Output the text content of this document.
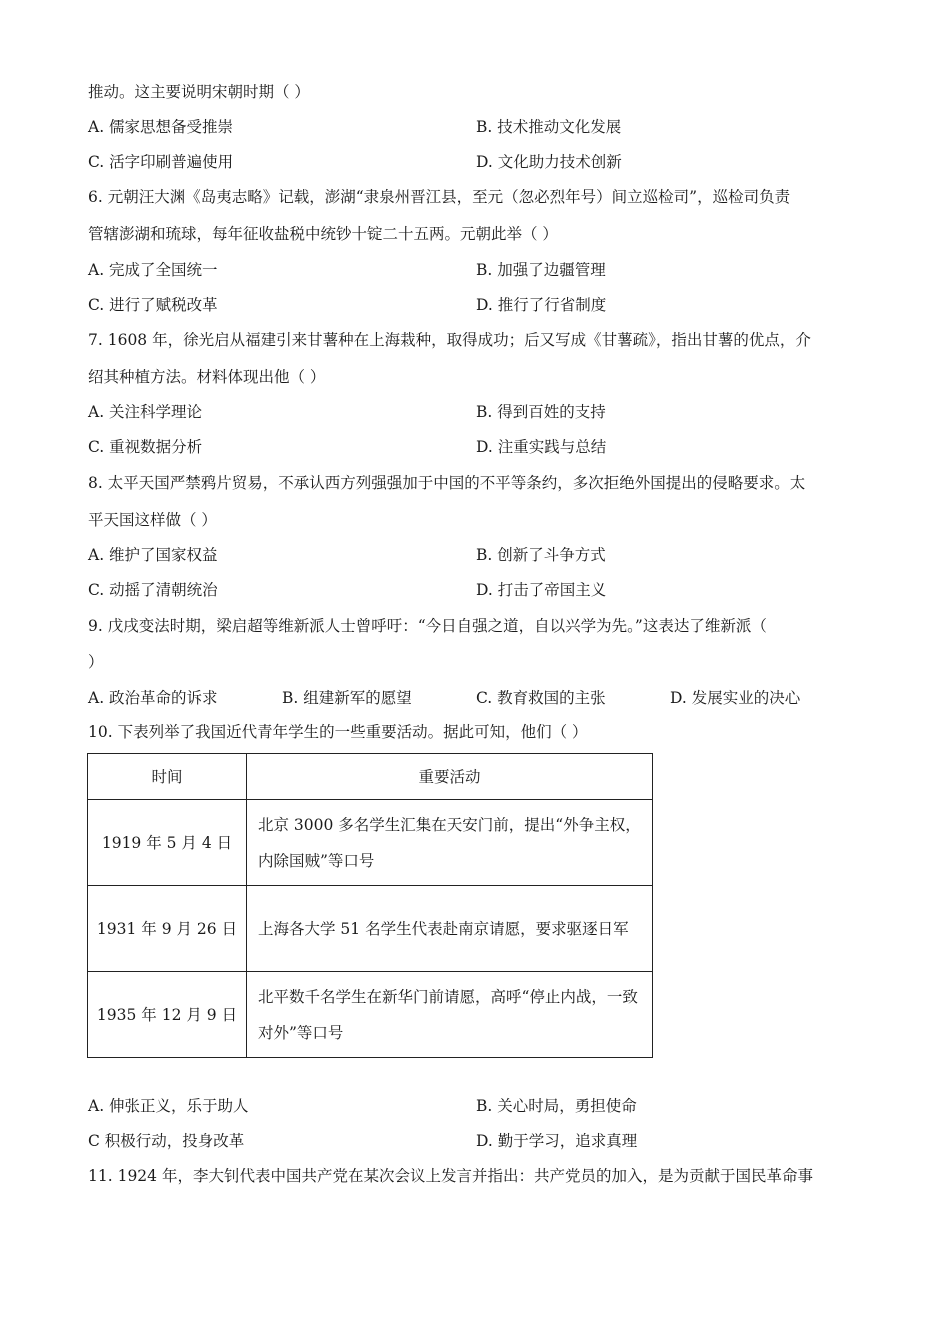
推动。这主要说明宋朝时期（ ）
A. 儒家思想备受推崇	B. 技术推动文化发展
C. 活字印刷普遍使用	D. 文化助力技术创新
6. 元朝汪大渊《岛夷志略》记载，澎湖“隶泉州晋江县，至元（忽必烈年号）间立巡检司”，巡检司负责
管辖澎湖和琉球，每年征收盐税中统钞十锭二十五两。元朝此举（ ）
A. 完成了全国统一	B. 加强了边疆管理
C. 进行了赋税改革	D. 推行了行省制度
7. 1608 年，徐光启从福建引来甘薯种在上海栽种，取得成功；后又写成《甘薯疏》，指出甘薯的优点，介
绍其种植方法。材料体现出他（ ）
A. 关注科学理论	B. 得到百姓的支持
C. 重视数据分析	D. 注重实践与总结
8. 太平天国严禁鸦片贸易，不承认西方列强强加于中国的不平等条约，多次拒绝外国提出的侵略要求。太
平天国这样做（ ）
A. 维护了国家权益	B. 创新了斗争方式
C. 动摇了清朝统治	D. 打击了帝国主义
9. 戊戌变法时期，梁启超等维新派人士曾呼吁：“今日自强之道，自以兴学为先。”这表达了维新派（
）
A. 政治革命的诉求	B. 组建新军的愿望	C. 教育救国的主张	D. 发展实业的决心
10. 下表列举了我国近代青年学生的一些重要活动。据此可知，他们（ ）
时间	重要活动
1919 年 5 月 4 日	北京 3000 多名学生汇集在天安门前，提出“外争主权，内除国贼”等口号
1931 年 9 月 26 日	上海各大学 51 名学生代表赴南京请愿，要求驱逐日军
1935 年 12 月 9 日	北平数千名学生在新华门前请愿，高呼“停止内战，一致对外”等口号
A. 伸张正义，乐于助人	B. 关心时局，勇担使命
C 积极行动，投身改革	D. 勤于学习，追求真理
11. 1924 年，李大钊代表中国共产党在某次会议上发言并指出：共产党员的加入，是为贡献于国民革命事
